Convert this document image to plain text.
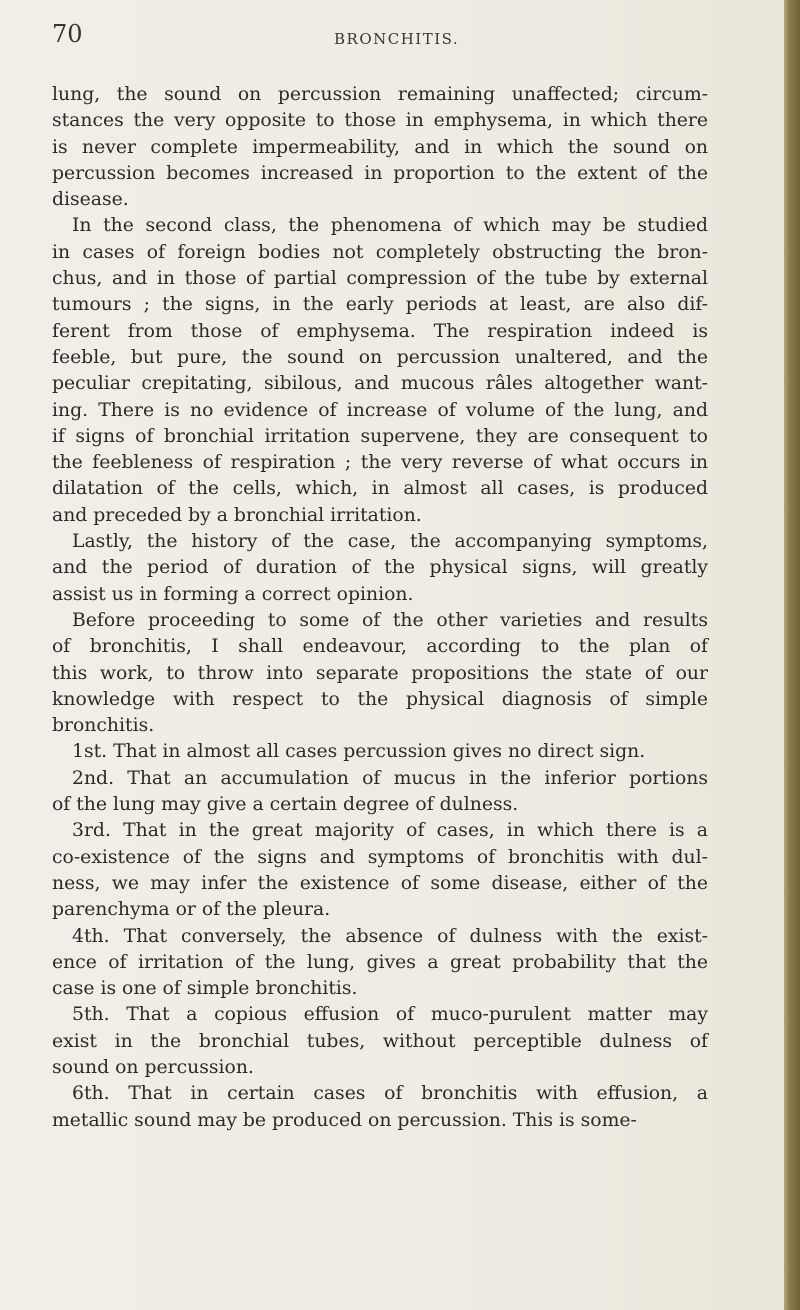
70	BRONCHITIS.
lung, the sound on percussion remaining unaffected; circum-
stances the very opposite to those in emphysema, in which there
is never complete impermeability, and in which the sound on
percussion becomes increased in proportion to the extent of the
disease.
In the second class, the phenomena of which may be studied
in cases of foreign bodies not completely obstructing the bron-
chus, and in those of partial compression of the tube by external
tumours ; the signs, in the early periods at least, are also dif-
ferent from those of emphysema. The respiration indeed is
feeble, but pure, the sound on percussion unaltered, and the
peculiar crepitating, sibilous, and mucous râles altogether want-
ing. There is no evidence of increase of volume of the lung, and
if signs of bronchial irritation supervene, they are consequent to
the feebleness of respiration ; the very reverse of what occurs in
dilatation of the cells, which, in almost all cases, is produced
and preceded by a bronchial irritation.
Lastly, the history of the case, the accompanying symptoms,
and the period of duration of the physical signs, will greatly
assist us in forming a correct opinion.
Before proceeding to some of the other varieties and results
of bronchitis, I shall endeavour, according to the plan of
this work, to throw into separate propositions the state of our
knowledge with respect to the physical diagnosis of simple
bronchitis.
1st. That in almost all cases percussion gives no direct sign.
2nd. That an accumulation of mucus in the inferior portions
of the lung may give a certain degree of dulness.
3rd. That in the great majority of cases, in which there is a
co-existence of the signs and symptoms of bronchitis with dul-
ness, we may infer the existence of some disease, either of the
parenchyma or of the pleura.
4th. That conversely, the absence of dulness with the exist-
ence of irritation of the lung, gives a great probability that the
case is one of simple bronchitis.
5th. That a copious effusion of muco-purulent matter may
exist in the bronchial tubes, without perceptible dulness of
sound on percussion.
6th. That in certain cases of bronchitis with effusion, a
metallic sound may be produced on percussion. This is some-
